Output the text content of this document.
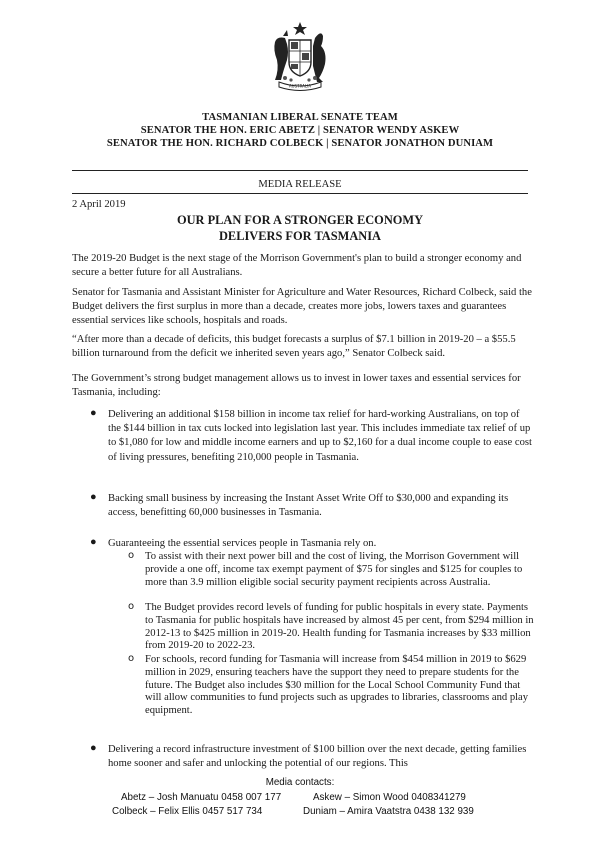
AUSTRALIA
TASMANIAN LIBERAL SENATE TEAM
SENATOR THE HON. ERIC ABETZ | SENATOR WENDY ASKEW
SENATOR THE HON. RICHARD COLBECK | SENATOR JONATHON DUNIAM
MEDIA RELEASE
2 April 2019
OUR PLAN FOR A STRONGER ECONOMY
DELIVERS FOR TASMANIA
The 2019-20 Budget is the next stage of the Morrison Government's plan to build a stronger economy and secure a better future for all Australians.
Senator for Tasmania and Assistant Minister for Agriculture and Water Resources, Richard Colbeck, said the Budget delivers the first surplus in more than a decade, creates more jobs, lowers taxes and guarantees essential services like schools, hospitals and roads.
“After more than a decade of deficits, this budget forecasts a surplus of $7.1 billion in 2019-20 – a $55.5 billion turnaround from the deficit we inherited seven years ago,” Senator Colbeck said.
The Government’s strong budget management allows us to invest in lower taxes and essential services for Tasmania, including:
● Delivering an additional $158 billion in income tax relief for hard-working Australians, on top of the $144 billion in tax cuts locked into legislation last year. This includes immediate tax relief of up to $1,080 for low and middle income earners and up to $2,160 for a dual income couple to ease cost of living pressures, benefiting 210,000 people in Tasmania.
● Backing small business by increasing the Instant Asset Write Off to $30,000 and expanding its access, benefitting 60,000 businesses in Tasmania.
● Guaranteeing the essential services people in Tasmania rely on.
o To assist with their next power bill and the cost of living, the Morrison Government will provide a one off, income tax exempt payment of $75 for singles and $125 for couples to more than 3.9 million eligible social security payment recipients across Australia.
o The Budget provides record levels of funding for public hospitals in every state. Payments to Tasmania for public hospitals have increased by almost 45 per cent, from $294 million in 2012-13 to $425 million in 2019-20. Health funding for Tasmania increases by $33 million from 2019-20 to 2022-23.
o For schools, record funding for Tasmania will increase from $454 million in 2019 to $629 million in 2029, ensuring teachers have the support they need to prepare students for the future. The Budget also includes $30 million for the Local School Community Fund that will allow communities to fund projects such as upgrades to libraries, classrooms and play equipment.
● Delivering a record infrastructure investment of $100 billion over the next decade, getting families home sooner and safer and unlocking the potential of our regions. This
Media contacts:
Abetz – Josh Manuatu 0458 007 177	Askew – Simon Wood 0408341279
Colbeck – Felix Ellis 0457 517 734	Duniam – Amira Vaatstra 0438 132 939
